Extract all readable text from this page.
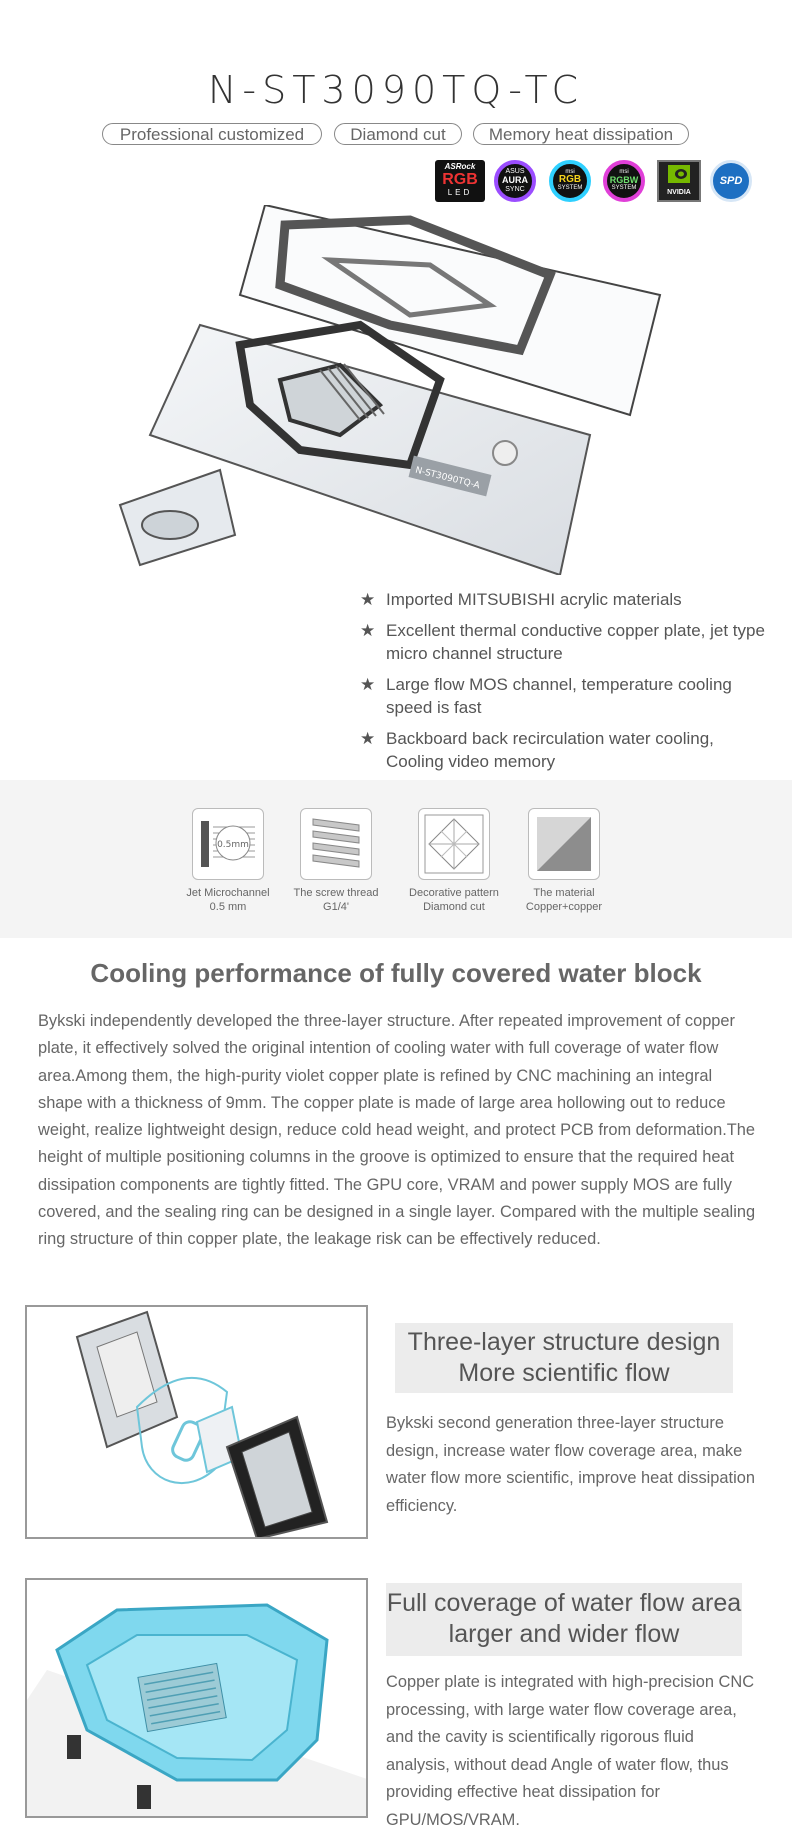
N-ST3090TQ-TC
Professional customized	Diamond cut	Memory heat dissipation
ASRock
RGB
LED
ASUS
AURA
SYNC
msi
RGB
SYSTEM
msi
RGBW
SYSTEM
NVIDIA
SPD
N-ST3090TQ-A
★ Imported MITSUBISHI acrylic materials
★ Excellent thermal conductive copper plate, jet type micro channel structure
★ Large flow MOS channel, temperature cooling speed is fast
★ Backboard back recirculation water cooling, Cooling video memory
0.5mm
Jet Microchannel
0.5 mm
The screw thread
G1/4'
Decorative pattern
Diamond cut
The material
Copper+copper
Cooling performance of fully covered water block
Bykski independently developed the three-layer structure. After repeated improvement of copper plate, it effectively solved the original intention of cooling water with full coverage of water flow area.Among them, the high-purity violet copper plate is refined by CNC machining an integral shape with a thickness of 9mm. The copper plate is made of large area hollowing out to reduce weight, realize lightweight design, reduce cold head weight, and protect PCB from deformation.The height of multiple positioning columns in the groove is optimized to ensure that the required heat dissipation components are tightly fitted. The GPU core, VRAM and power supply MOS are fully covered, and the sealing ring can be designed in a single layer. Compared with the multiple sealing ring structure of thin copper plate, the leakage risk can be effectively reduced.
Three-layer structure design
More scientific flow
Bykski second generation three-layer structure design, increase water flow coverage area, make water flow more scientific, improve heat dissipation efficiency.
Full coverage of water flow area
larger and wider flow
Copper plate is integrated with high-precision CNC processing, with large water flow coverage area, and the cavity is scientifically rigorous fluid analysis, without dead Angle of water flow, thus providing effective heat dissipation for GPU/MOS/VRAM.
